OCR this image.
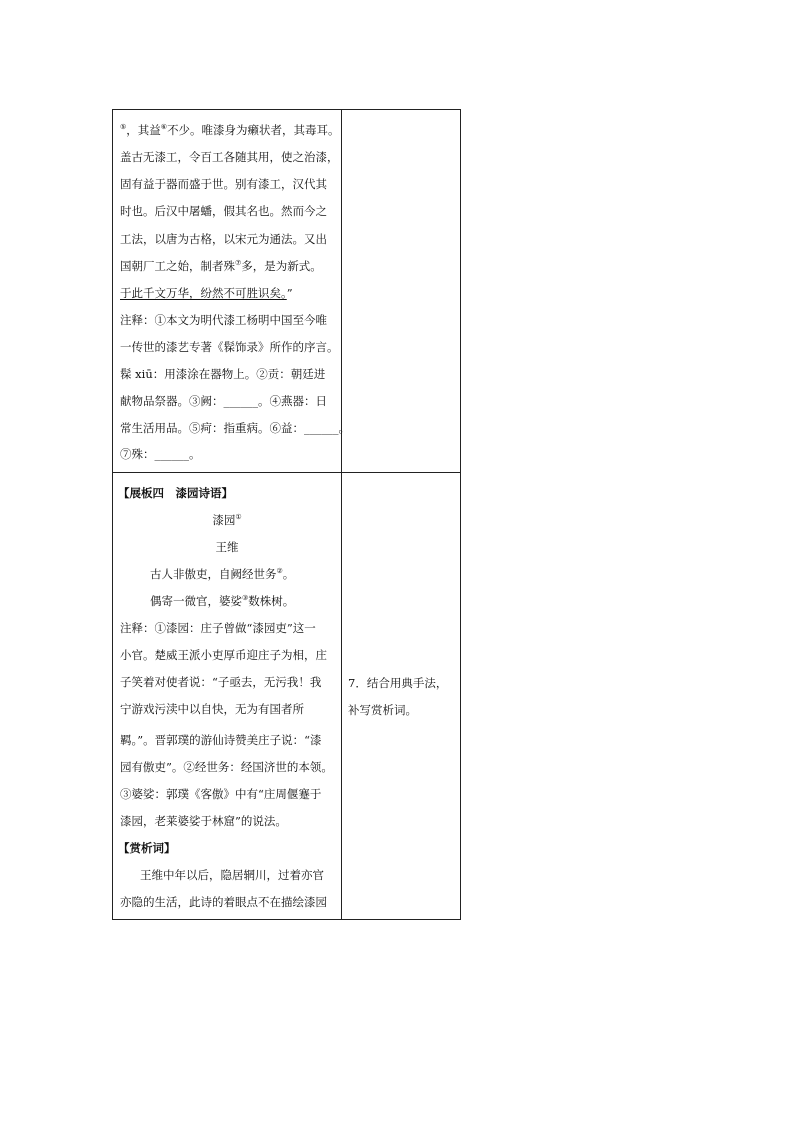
⑤，其益⑥不少。唯漆身为癞状者，其毒耳。
盖古无漆工，令百工各随其用，使之治漆，
固有益于器而盛于世。别有漆工，汉代其
时也。后汉中屠蟠，假其名也。然而今之
工法，以唐为古格，以宋元为通法。又出
国朝厂工之始，制者殊⑦多，是为新式。
于此千文万华，纷然不可胜识矣。”
注释：①本文为明代漆工杨明中国至今唯
一传世的漆艺专著《髹饰录》所作的序言。
髹 xiū：用漆涂在器物上。②贡：朝廷进
献物品祭器。③阙：______。④燕器：日
常生活用品。⑤疴：指重病。⑥益：______。
⑦殊：______。
【展板四　漆园诗语】
漆园①
王维
古人非傲吏，自阙经世务②。
偶寄一微官，婆娑③数株树。
注释：①漆园：庄子曾做“漆园吏”这一
小官。楚威王派小吏厚币迎庄子为相，庄
子笑着对使者说：“子亟去，无污我！我
宁游戏污渎中以自快，无为有国者所
羁。”。晋郭璞的游仙诗赞美庄子说：“漆
园有傲吏”。②经世务：经国济世的本领。
③婆娑：郭璞《客傲》中有“庄周偃蹇于
漆园，老莱婆娑于林窟”的说法。
【赏析词】
王维中年以后，隐居辋川，过着亦官
亦隐的生活，此诗的着眼点不在描绘漆园
7．结合用典手法，
补写赏析词。
